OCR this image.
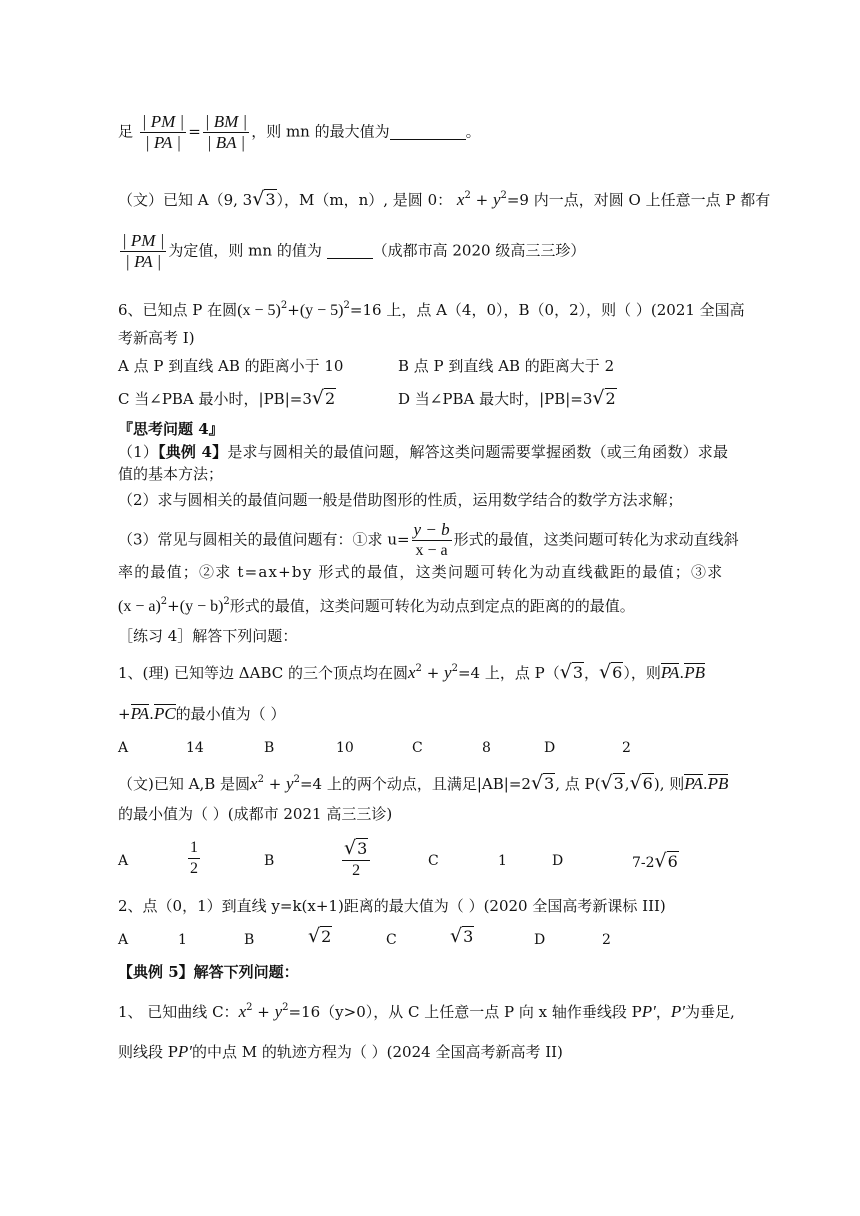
足 $\frac{| PM |}{| PA |} = \frac{| BM |}{| BA |}$ ，则 mn 的最大值为	。
（文）已知 A（9, 3√3），M（m，n）, 是圆 0： $x^2 + y^2=9$ 内一点，对圆 O 上任意一点 P 都有
$\frac{| PM |}{| PA |}$ 为定值，则 mn 的值为	（成都市高 2020 级高三三珍）
6、已知点 P 在圆$(x - 5)^2+(y - 5)^2=16$ 上，点 A（4，0），B（0，2），则（ ）(2021 全国高
考新高考 I)
A 点 P 到直线 AB 的距离小于 10	B 点 P 到直线 AB 的距离大于 2
C 当∠PBA 最小时，|PB|=3√2	D 当∠PBA 最大时，|PB|=3√2
『思考问题 4』
（1）【典例 4】是求与圆相关的最值问题，解答这类问题需要掌握函数（或三角函数）求最值的基本方法；
（2）求与圆相关的最值问题一般是借助图形的性质，运用数学结合的数学方法求解；
（3）常见与圆相关的最值问题有：①求 $u= \frac{y - b}{x - a}$ 形式的最值，这类问题可转化为求动直线斜
率的最值；②求 t=ax+by 形式的最值，这类问题可转化为动直线截距的最值；③求
$(x - a)^2+(y - b)^2$形式的最值，这类问题可转化为动点到定点的距离的的最值。
［练习 4］解答下列问题：
1、(理) 已知等边 ΔABC 的三个顶点均在圆$x^2 + y^2=4$ 上，点 P（√3，√6），则PA.PB
+PA.PC的最小值为（ ）
A	14	B	10	C	8	D	2
（文)已知 A,B 是圆$x^2 + y^2=4$ 上的两个动点，且满足|AB|=2√3, 点 P(√3,√6), 则PA.PB
的最小值为（ ）(成都市 2021 高三三诊)
A	$\frac{1}{2}$	B	$\frac{√3}{2}$	C	1	D	7-2√6
2、点（0，1）到直线 y=k(x+1)距离的最大值为（ ）(2020 全国高考新课标 III)
A	1	B	√2	C	√3	D	2
【典例 5】解答下列问题：
1、 已知曲线 C：$x^2 + y^2=16(y>0)$，从 C 上任意一点 P 向 x 轴作垂线段 PP′，P′为垂足,
则线段 PP′的中点 M 的轨迹方程为（ ）(2024 全国高考新高考 II)
